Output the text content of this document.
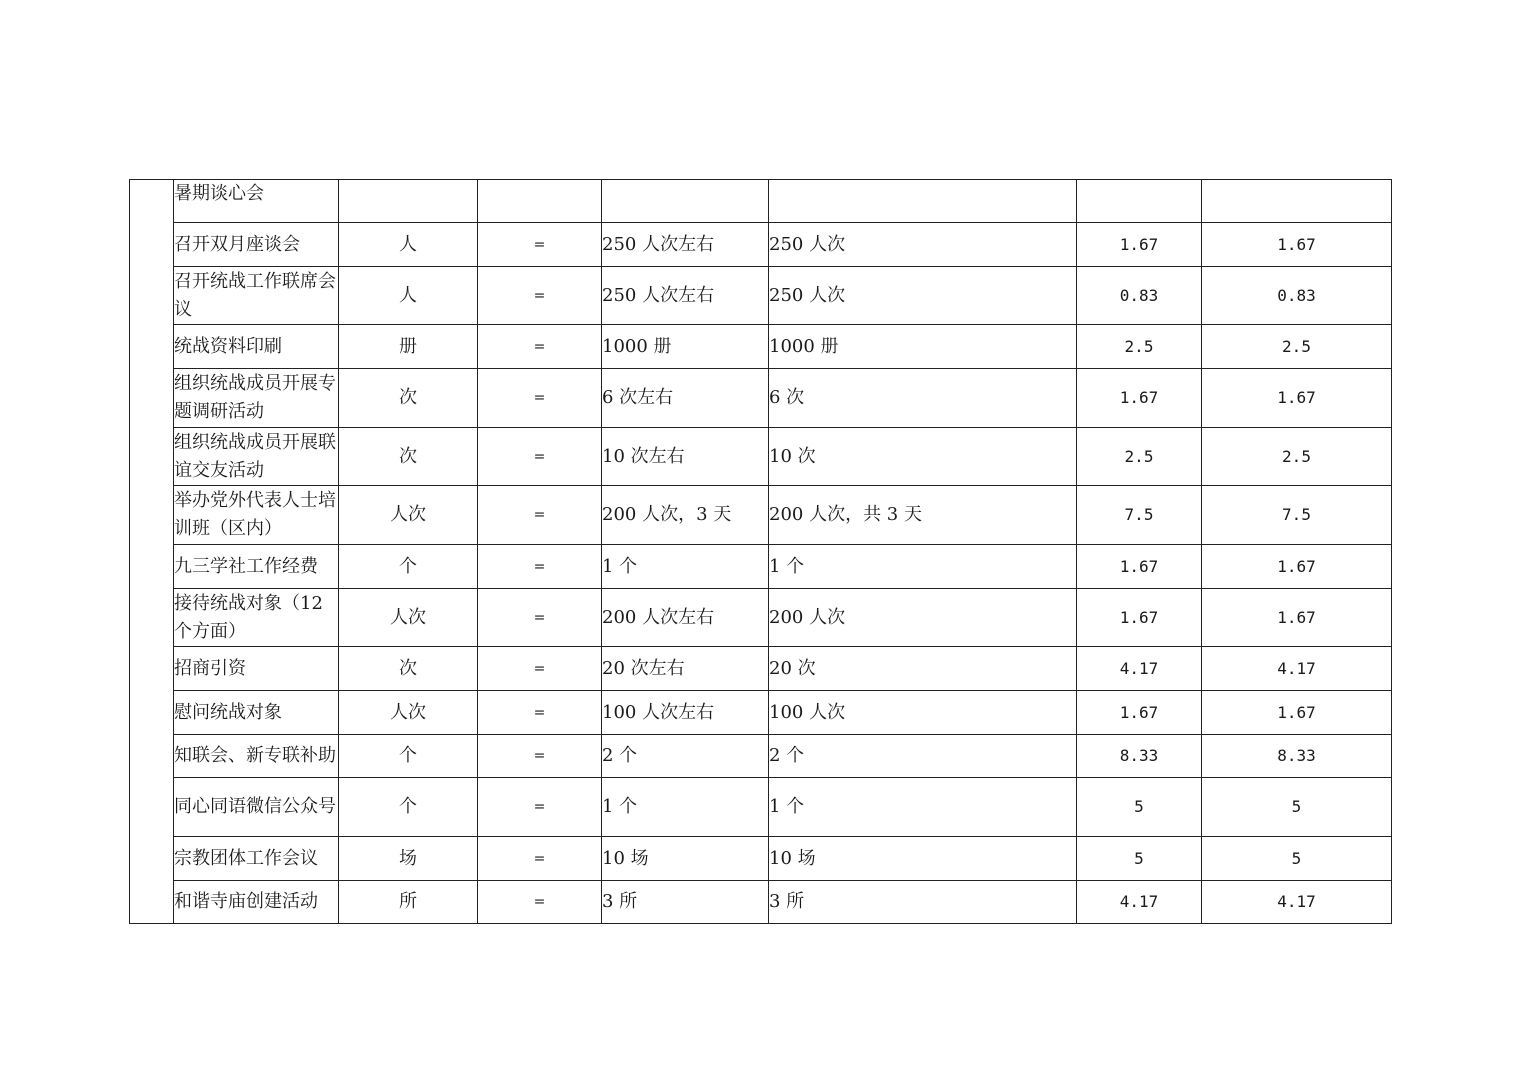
	暑期谈心会						
	召开双月座谈会	人	=	250 人次左右	250 人次	1.67	1.67
	召开统战工作联席会议	人	=	250 人次左右	250 人次	0.83	0.83
	统战资料印刷	册	=	1000 册	1000 册	2.5	2.5
	组织统战成员开展专题调研活动	次	=	6 次左右	6 次	1.67	1.67
	组织统战成员开展联谊交友活动	次	=	10 次左右	10 次	2.5	2.5
	举办党外代表人士培训班（区内）	人次	=	200 人次，3 天	200 人次，共 3 天	7.5	7.5
	九三学社工作经费	个	=	1 个	1 个	1.67	1.67
	接待统战对象（12个方面）	人次	=	200 人次左右	200 人次	1.67	1.67
	招商引资	次	=	20 次左右	20 次	4.17	4.17
	慰问统战对象	人次	=	100 人次左右	100 人次	1.67	1.67
	知联会、新专联补助	个	=	2 个	2 个	8.33	8.33
	同心同语微信公众号	个	=	1 个	1 个	5	5
	宗教团体工作会议	场	=	10 场	10 场	5	5
	和谐寺庙创建活动	所	=	3 所	3 所	4.17	4.17
